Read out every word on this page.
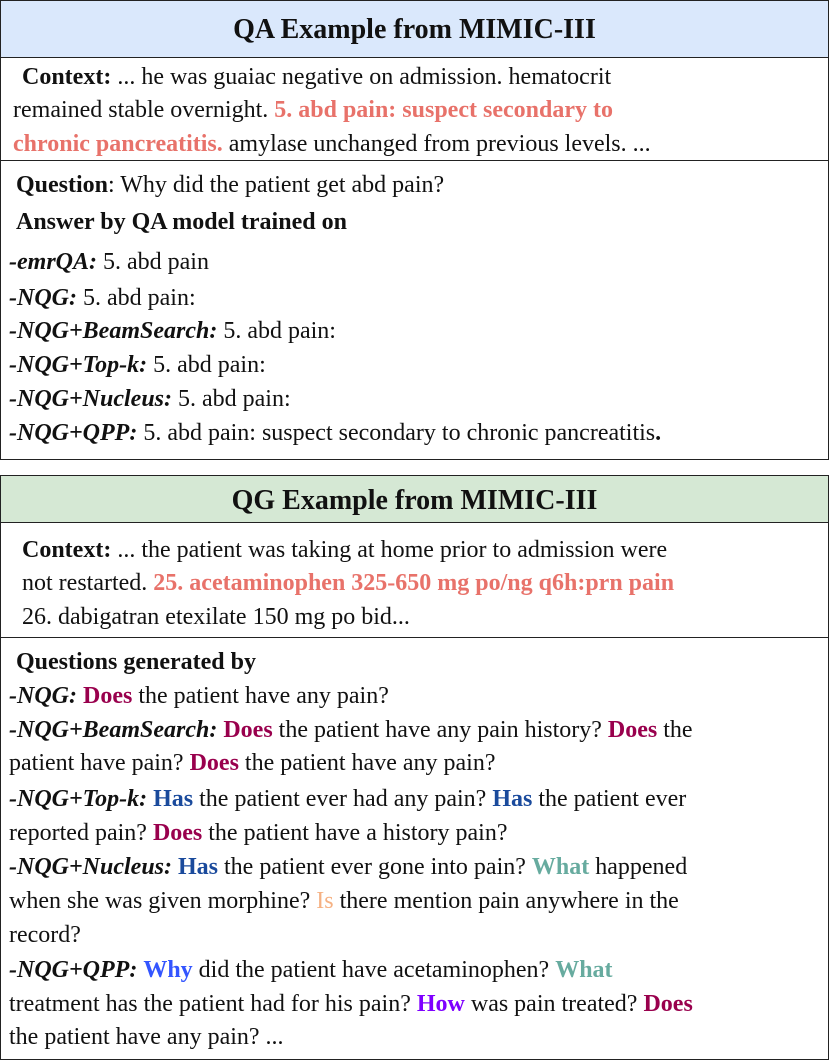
QA Example from MIMIC-III
Context: ... he was guaiac negative on admission. hematocrit
remained stable overnight. 5. abd pain: suspect secondary to
chronic pancreatitis. amylase unchanged from previous levels. ...
Question: Why did the patient get abd pain?
Answer by QA model trained on
-emrQA: 5. abd pain
-NQG: 5. abd pain:
-NQG+BeamSearch: 5. abd pain:
-NQG+Top-k: 5. abd pain:
-NQG+Nucleus: 5. abd pain:
-NQG+QPP: 5. abd pain: suspect secondary to chronic pancreatitis.
QG Example from MIMIC-III
Context: ... the patient was taking at home prior to admission were
not restarted. 25. acetaminophen 325-650 mg po/ng q6h:prn pain
26. dabigatran etexilate 150 mg po bid...
Questions generated by
-NQG: Does the patient have any pain?
-NQG+BeamSearch: Does the patient have any pain history? Does the
patient have pain? Does the patient have any pain?
-NQG+Top-k: Has the patient ever had any pain? Has the patient ever
reported pain? Does the patient have a history pain?
-NQG+Nucleus: Has the patient ever gone into pain? What happened
when she was given morphine? Is there mention pain anywhere in the
record?
-NQG+QPP: Why did the patient have acetaminophen? What
treatment has the patient had for his pain? How was pain treated? Does
the patient have any pain? ...
